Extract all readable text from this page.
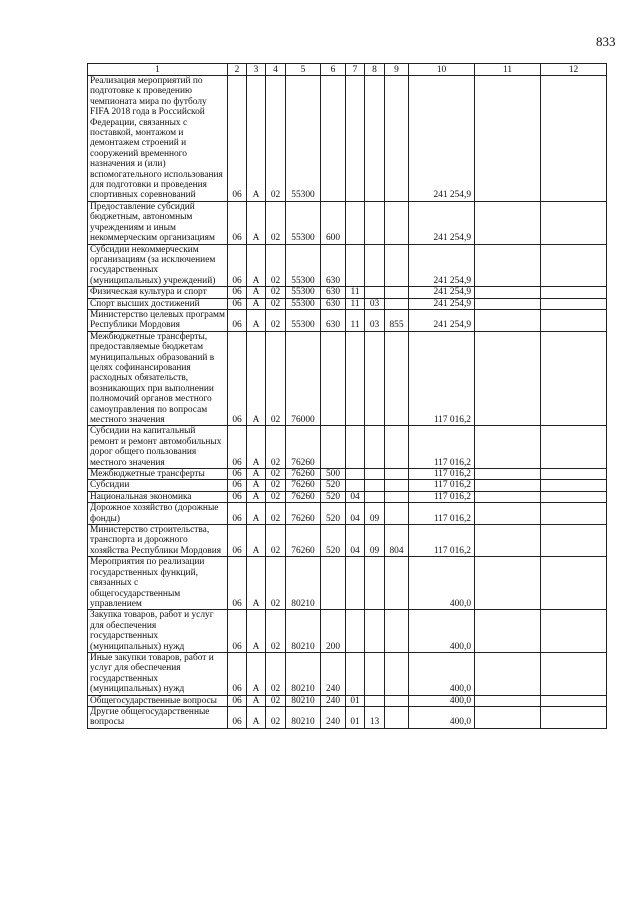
833
1	2	3	4	5	6	7	8	9	10	11	12
Реализация мероприятий по подготовке к проведению чемпионата мира по футболу FIFA 2018 года в Российской Федерации, связанных с поставкой, монтажом и демонтажем строений и сооружений временного назначения и (или) вспомогательного использования для подготовки и проведения спортивных соревнований	06	А	02	55300					241 254,9		
Предоставление субсидий бюджетным, автономным учреждениям и иным некоммерческим организациям	06	А	02	55300	600				241 254,9		
Субсидии некоммерческим организациям (за исключением государственных (муниципальных) учреждений)	06	А	02	55300	630				241 254,9		
Физическая культура и спорт	06	А	02	55300	630	11			241 254,9		
Спорт высших достижений	06	А	02	55300	630	11	03		241 254,9		
Министерство целевых программ Республики Мордовия	06	А	02	55300	630	11	03	855	241 254,9		
Межбюджетные трансферты, предоставляемые бюджетам муниципальных образований в целях софинансирования расходных обязательств, возникающих при выполнении полномочий органов местного самоуправления по вопросам местного значения	06	А	02	76000					117 016,2		
Субсидии на капитальный ремонт и ремонт автомобильных дорог общего пользования местного значения	06	А	02	76260					117 016,2		
Межбюджетные трансферты	06	А	02	76260	500				117 016,2		
Субсидии	06	А	02	76260	520				117 016,2		
Национальная экономика	06	А	02	76260	520	04			117 016,2		
Дорожное хозяйство (дорожные фонды)	06	А	02	76260	520	04	09		117 016,2		
Министерство строительства, транспорта и дорожного хозяйства Республики Мордовия	06	А	02	76260	520	04	09	804	117 016,2		
Мероприятия по реализации государственных функций, связанных с общегосударственным управлением	06	А	02	80210					400,0		
Закупка товаров, работ и услуг для обеспечения государственных (муниципальных) нужд	06	А	02	80210	200				400,0		
Иные закупки товаров, работ и услуг для обеспечения государственных (муниципальных) нужд	06	А	02	80210	240				400,0		
Общегосударственные вопросы	06	А	02	80210	240	01			400,0		
Другие общегосударственные вопросы	06	А	02	80210	240	01	13		400,0		
